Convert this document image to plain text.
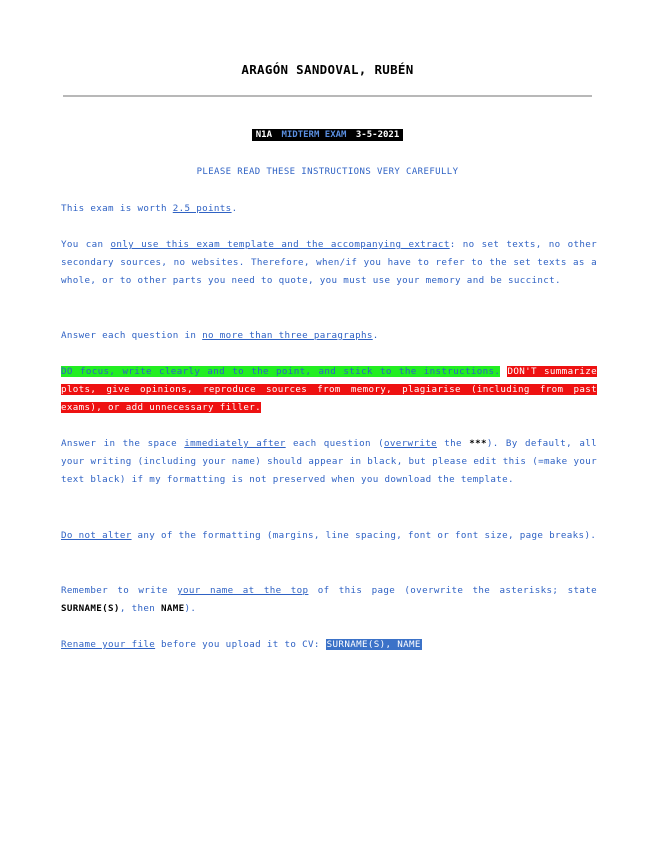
ARAGÓN SANDOVAL, RUBÉN
N1A MIDTERM EXAM 3-5-2021
PLEASE READ THESE INSTRUCTIONS VERY CAREFULLY
This exam is worth 2.5 points.
You can only use this exam template and the accompanying extract: no set texts, no other secondary sources, no websites. Therefore, when/if you have to refer to the set texts as a whole, or to other parts you need to quote, you must use your memory and be succinct.
Answer each question in no more than three paragraphs.
DO focus, write clearly and to the point, and stick to the instructions. DON'T summarize plots, give opinions, reproduce sources from memory, plagiarise (including from past exams), or add unnecessary filler.
Answer in the space immediately after each question (overwrite the ***). By default, all your writing (including your name) should appear in black, but please edit this (=make your text black) if my formatting is not preserved when you download the template.
Do not alter any of the formatting (margins, line spacing, font or font size, page breaks).
Remember to write your name at the top of this page (overwrite the asterisks; state SURNAME(S), then NAME).
Rename your file before you upload it to CV: SURNAME(S), NAME
